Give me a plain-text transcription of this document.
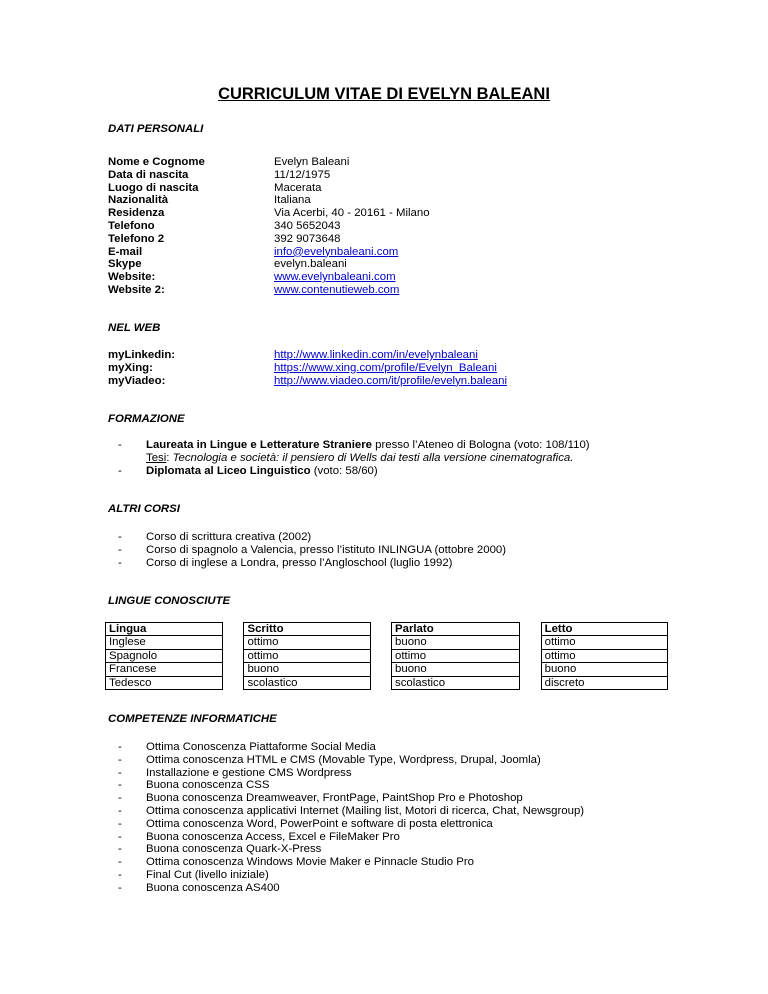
CURRICULUM VITAE DI EVELYN BALEANI
DATI PERSONALI
Nome e Cognome	Evelyn Baleani
Data di nascita	11/12/1975
Luogo di nascita	Macerata
Nazionalità	Italiana
Residenza	Via Acerbi, 40 - 20161 - Milano
Telefono	340 5652043
Telefono 2	392 9073648
E-mail	info@evelynbaleani.com
Skype	evelyn.baleani
Website:	www.evelynbaleani.com
Website 2:	www.contenutieweb.com
NEL WEB
myLinkedin:	http://www.linkedin.com/in/evelynbaleani
myXing:	https://www.xing.com/profile/Evelyn_Baleani
myViadeo:	http://www.viadeo.com/it/profile/evelyn.baleani
FORMAZIONE
-	Laureata in Lingue e Letterature Straniere presso l’Ateneo di Bologna (voto: 108/110)
Tesi: Tecnologia e società: il pensiero di Wells dai testi alla versione cinematografica.
-	Diplomata al Liceo Linguistico (voto: 58/60)
ALTRI CORSI
-	Corso di scrittura creativa (2002)
-	Corso di spagnolo a Valencia, presso l’istituto INLINGUA (ottobre 2000)
-	Corso di inglese a Londra, presso l’Angloschool (luglio 1992)
LINGUE CONOSCIUTE
Lingua		Scritto		Parlato		Letto
Inglese		ottimo		buono		ottimo
Spagnolo		ottimo		ottimo		ottimo
Francese		buono		buono		buono
Tedesco		scolastico		scolastico		discreto
COMPETENZE INFORMATICHE
-	Ottima Conoscenza Piattaforme Social Media
-	Ottima conoscenza HTML e CMS (Movable Type, Wordpress, Drupal, Joomla)
-	Installazione e gestione CMS Wordpress
-	Buona conoscenza CSS
-	Buona conoscenza Dreamweaver, FrontPage, PaintShop Pro e Photoshop
-	Ottima conoscenza applicativi Internet (Mailing list, Motori di ricerca, Chat, Newsgroup)
-	Ottima conoscenza Word, PowerPoint e software di posta elettronica
-	Buona conoscenza Access, Excel e FileMaker Pro
-	Buona conoscenza Quark-X-Press
-	Ottima conoscenza Windows Movie Maker e Pinnacle Studio Pro
-	Final Cut (livello iniziale)
-	Buona conoscenza AS400
